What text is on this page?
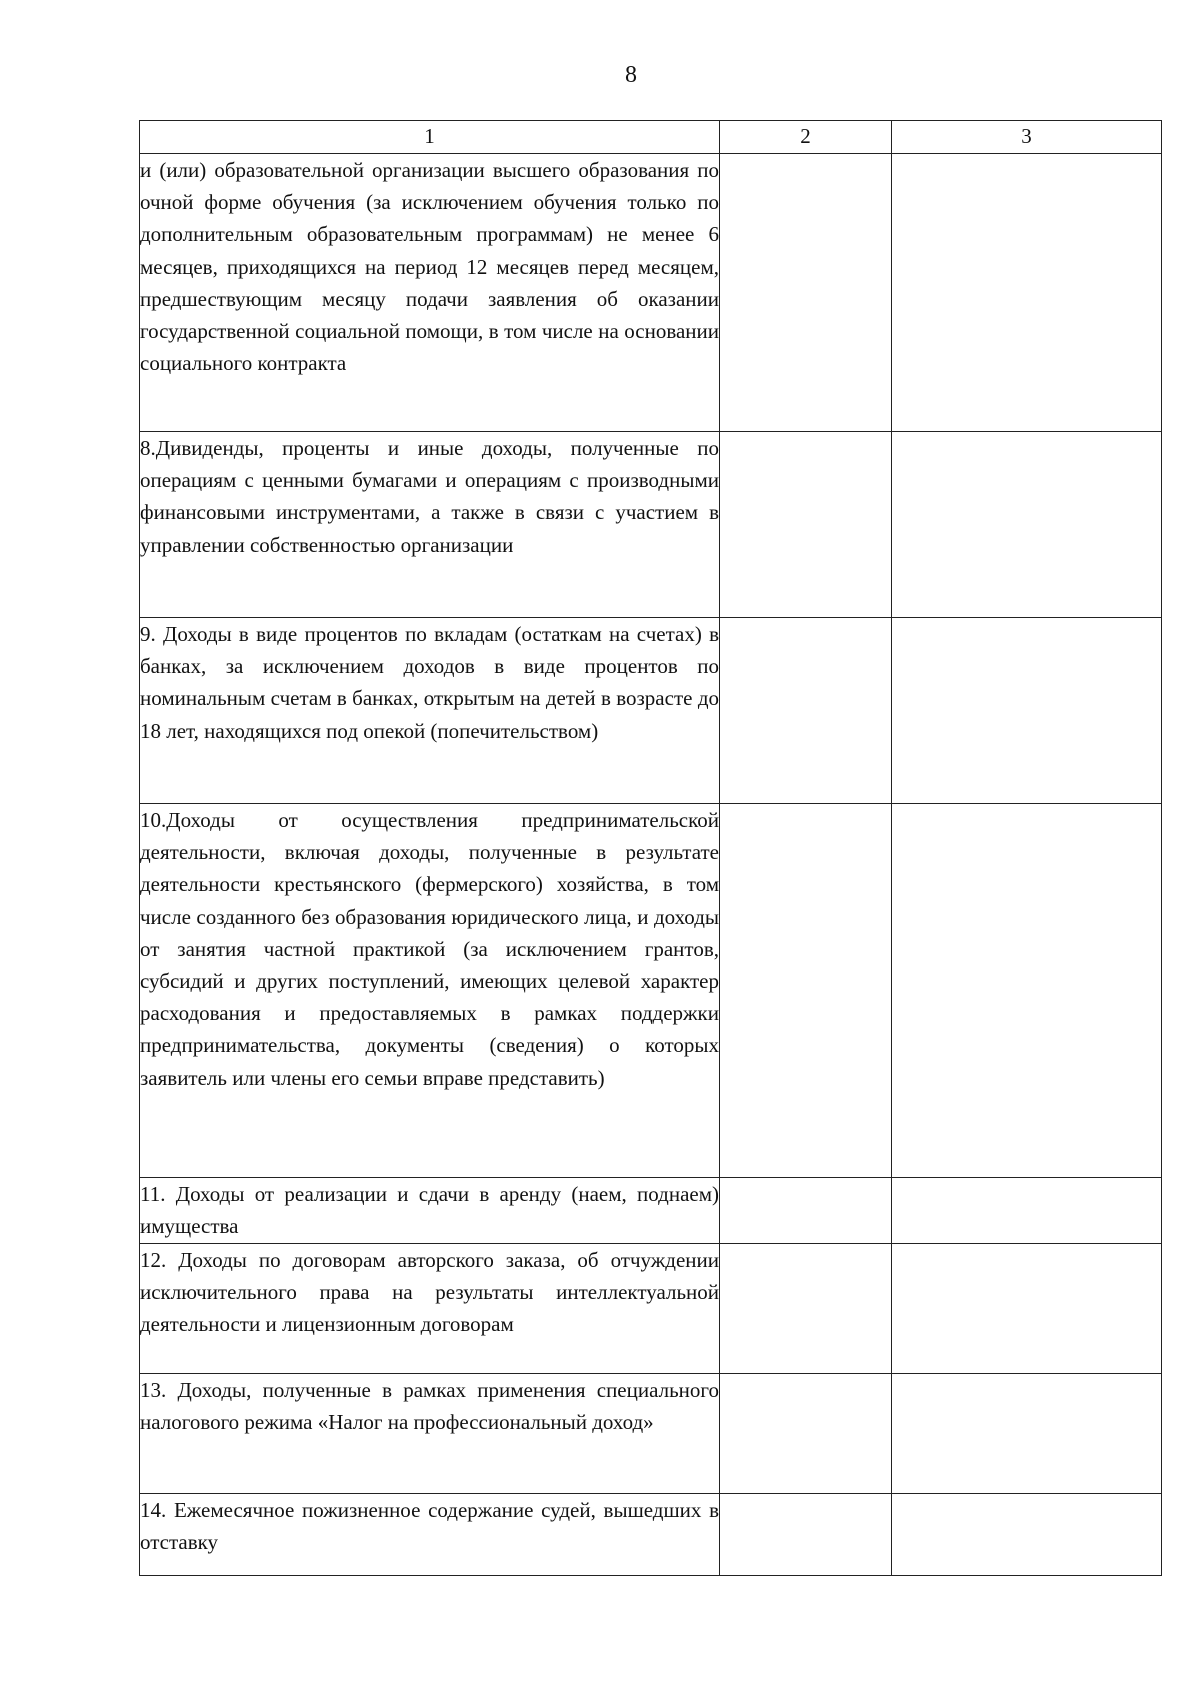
8
1	2	3
и (или) образовательной организации высшего образования по очной форме обучения (за исключением обучения только по дополнительным образовательным программам) не менее 6 месяцев, приходящихся на период 12 месяцев перед месяцем, предшествующим месяцу подачи заявления об оказании государственной социальной помощи, в том числе на основании социального контракта		
8.Дивиденды, проценты и иные доходы, полученные по операциям с ценными бумагами и операциям с производными финансовыми инструментами, а также в связи с участием в управлении собственностью организации		
9. Доходы в виде процентов по вкладам (остаткам на счетах) в банках, за исключением доходов в виде процентов по номинальным счетам в банках, открытым на детей в возрасте до 18 лет, находящихся под опекой (попечительством)		
10.Доходы от осуществления предпринимательской деятельности, включая доходы, полученные в результате деятельности крестьянского (фермерского) хозяйства, в том числе созданного без образования юридического лица, и доходы от занятия частной практикой (за исключением грантов, субсидий и других поступлений, имеющих целевой характер расходования и предоставляемых в рамках поддержки предпринимательства, документы (сведения) о которых заявитель или члены его семьи вправе представить)		
11. Доходы от реализации и сдачи в аренду (наем, поднаем) имущества		
12. Доходы по договорам авторского заказа, об отчуждении исключительного права на результаты интеллектуальной деятельности и лицензионным договорам		
13. Доходы, полученные в рамках применения специального налогового режима «Налог на профессиональный доход»		
14. Ежемесячное пожизненное содержание судей, вышедших в отставку		
